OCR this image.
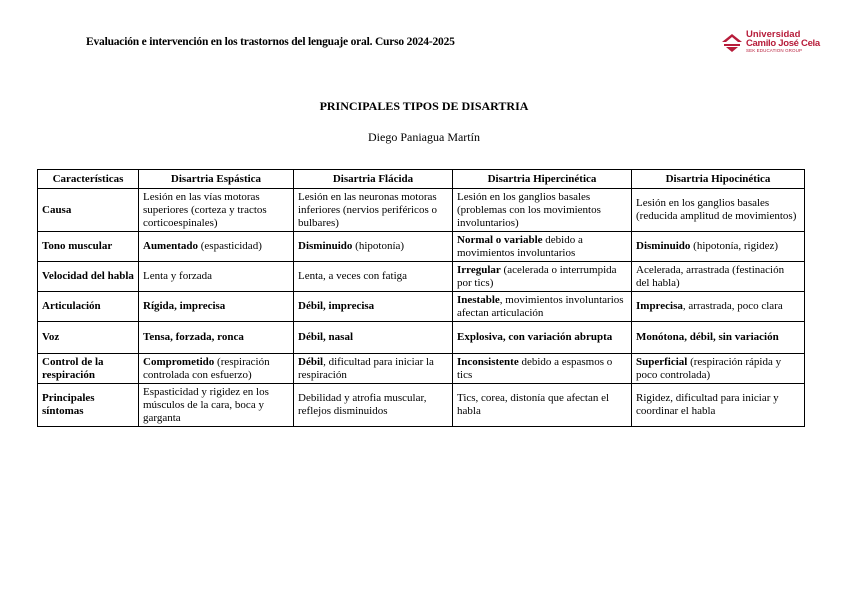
Evaluación e intervención en los trastornos del lenguaje oral. Curso 2024-2025
Universidad
Camilo José Cela
SEK EDUCATION GROUP
PRINCIPALES TIPOS DE DISARTRIA
Diego Paniagua Martín
Características	Disartria Espástica	Disartria Flácida	Disartria Hipercinética	Disartria Hipocinética
Causa	Lesión en las vías motoras superiores (corteza y tractos corticoespinales)	Lesión en las neuronas motoras inferiores (nervios periféricos o bulbares)	Lesión en los ganglios basales (problemas con los movimientos involuntarios)	Lesión en los ganglios basales (reducida amplitud de movimientos)
Tono muscular	Aumentado (espasticidad)	Disminuido (hipotonía)	Normal o variable debido a movimientos involuntarios	Disminuido (hipotonía, rigidez)
Velocidad del habla	Lenta y forzada	Lenta, a veces con fatiga	Irregular (acelerada o interrumpida por tics)	Acelerada, arrastrada (festinación del habla)
Articulación	Rígida, imprecisa	Débil, imprecisa	Inestable, movimientos involuntarios afectan articulación	Imprecisa, arrastrada, poco clara
Voz	Tensa, forzada, ronca	Débil, nasal	Explosiva, con variación abrupta	Monótona, débil, sin variación
Control de la respiración	Comprometido (respiración controlada con esfuerzo)	Débil, dificultad para iniciar la respiración	Inconsistente debido a espasmos o tics	Superficial (respiración rápida y poco controlada)
Principales síntomas	Espasticidad y rigidez en los músculos de la cara, boca y garganta	Debilidad y atrofia muscular, reflejos disminuidos	Tics, corea, distonía que afectan el habla	Rigidez, dificultad para iniciar y coordinar el habla
